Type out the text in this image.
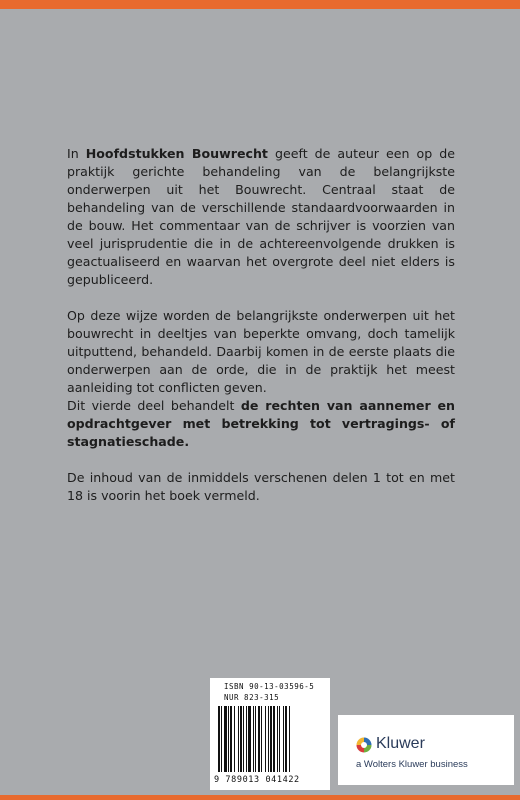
In Hoofdstukken Bouwrecht geeft de auteur een op de praktijk gerichte behandeling van de belangrijkste onderwerpen uit het Bouwrecht. Centraal staat de behandeling van de verschillende standaardvoorwaarden in de bouw. Het commentaar van de schrijver is voorzien van veel jurisprudentie die in de achtereenvolgende drukken is geactualiseerd en waarvan het overgrote deel niet elders is gepubliceerd.

Op deze wijze worden de belangrijkste onderwerpen uit het bouwrecht in deeltjes van beperkte omvang, doch tamelijk uitputtend, behandeld. Daarbij komen in de eerste plaats die onderwerpen aan de orde, die in de praktijk het meest aanleiding tot conflicten geven.

Dit vierde deel behandelt de rechten van aannemer en opdrachtgever met betrekking tot vertragings- of stagnatieschade.

De inhoud van de inmiddels verschenen delen 1 tot en met 18 is voorin het boek vermeld.

ISBN 90-13-03596-5
NUR 823-315
9 789013 041422
Kluwer
a Wolters Kluwer business
